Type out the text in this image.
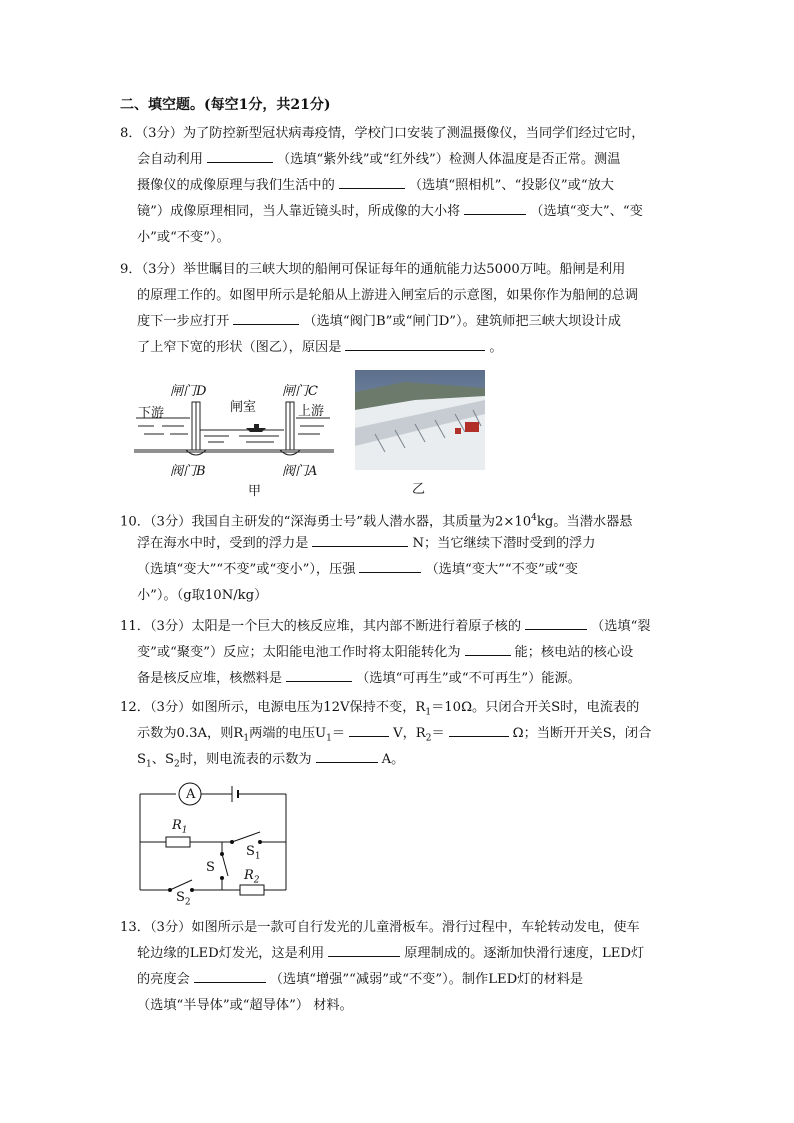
二、填空题。(每空1分，共21分)
8．（3分）为了防控新型冠状病毒疫情，学校门口安装了测温摄像仪，当同学们经过它时，
会自动利用	（选填“紫外线”或“红外线”）检测人体温度是否正常。测温
摄像仪的成像原理与我们生活中的	（选填“照相机”、“投影仪”或“放大
镜”）成像原理相同，当人靠近镜头时，所成像的大小将	（选填“变大”、“变
小”或“不变”）。
9．（3分）举世瞩目的三峡大坝的船闸可保证每年的通航能力达5000万吨。船闸是利用
的原理工作的。如图甲所示是轮船从上游进入闸室后的示意图，如果你作为船闸的总调
度下一步应打开	（选填“阀门B”或“闸门D”）。建筑师把三峡大坝设计成
了上窄下宽的形状（图乙），原因是	。
闸门D	闸门C
下游	闸室	上游
阀门B	阀门A
甲	乙
10．（3分）我国自主研发的“深海勇士号”载人潜水器，其质量为$2\times 10^4kg$。当潜水器悬
浮在海水中时，受到的浮力是	N；当它继续下潜时受到的浮力
（选填“变大”“不变”或“变小”），压强	（选填“变大”“不变”或“变
小”）。（g取10N/kg）
11．（3分）太阳是一个巨大的核反应堆，其内部不断进行着原子核的	（选填“裂
变”或“聚变”）反应；太阳能电池工作时将太阳能转化为	能；核电站的核心设
备是核反应堆，核燃料是	（选填“可再生”或“不可再生”）能源。
12．（3分）如图所示，电源电压为12V保持不变，$R_1=10\Omega$。只闭合开关S时，电流表的
示数为0.3A，则$R_1$两端的电压$U_1=$	V，$R_2=$	Ω；当断开开关S，闭合
$S_1$、$S_2$时，则电流表的示数为	A。
A
$R_1$
$S_1$
S
$R_2$
$S_2$
13．（3分）如图所示是一款可自行发光的儿童滑板车。滑行过程中，车轮转动发电，使车
轮边缘的LED灯发光，这是利用	原理制成的。逐渐加快滑行速度，LED灯
的亮度会	（选填“增强”“减弱”或“不变”）。制作LED灯的材料是
（选填“半导体”或“超导体”） 材料。
